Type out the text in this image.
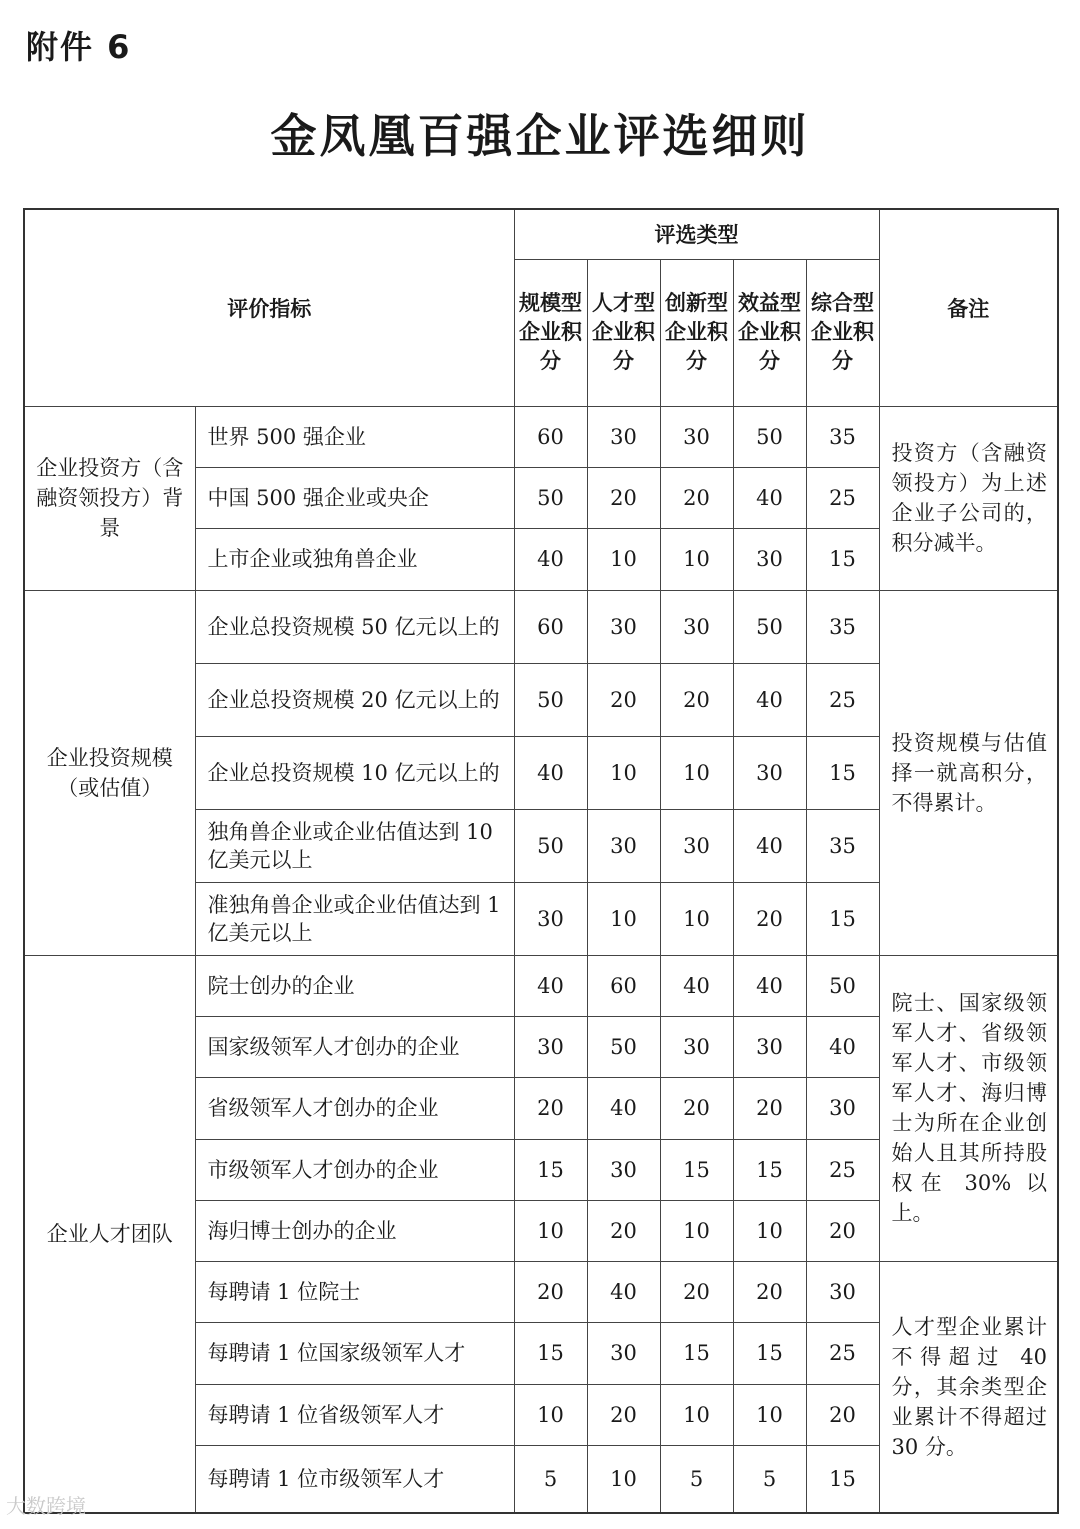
附件 6
金凤凰百强企业评选细则
评价指标		评选类型					备注
		规模型企业积分	人才型企业积分	创新型企业积分	效益型企业积分	综合型企业积分	
企业投资方（含融资领投方）背景	世界 500 强企业	60	30	30	50	35	投资方（含融资领投方）为上述企业子公司的，积分减半。
	中国 500 强企业或央企	50	20	20	40	25	
	上市企业或独角兽企业	40	10	10	30	15	
企业投资规模（或估值）	企业总投资规模 50 亿元以上的	60	30	30	50	35	投资规模与估值择一就高积分，不得累计。
	企业总投资规模 20 亿元以上的	50	20	20	40	25	
	企业总投资规模 10 亿元以上的	40	10	10	30	15	
	独角兽企业或企业估值达到 10 亿美元以上	50	30	30	40	35	
	准独角兽企业或企业估值达到 1 亿美元以上	30	10	10	20	15	
企业人才团队	院士创办的企业	40	60	40	40	50	院士、国家级领军人才、省级领军人才、市级领军人才、海归博士为所在企业创始人且其所持股权在 30% 以上。
	国家级领军人才创办的企业	30	50	30	30	40	
	省级领军人才创办的企业	20	40	20	20	30	
	市级领军人才创办的企业	15	30	15	15	25	
	海归博士创办的企业	10	20	10	10	20	
	每聘请 1 位院士	20	40	20	20	30	人才型企业累计不得超过 40 分，其余类型企业累计不得超过 30 分。
	每聘请 1 位国家级领军人才	15	30	15	15	25	
	每聘请 1 位省级领军人才	10	20	10	10	20	
	每聘请 1 位市级领军人才	5	10	5	5	15	
大数跨境
